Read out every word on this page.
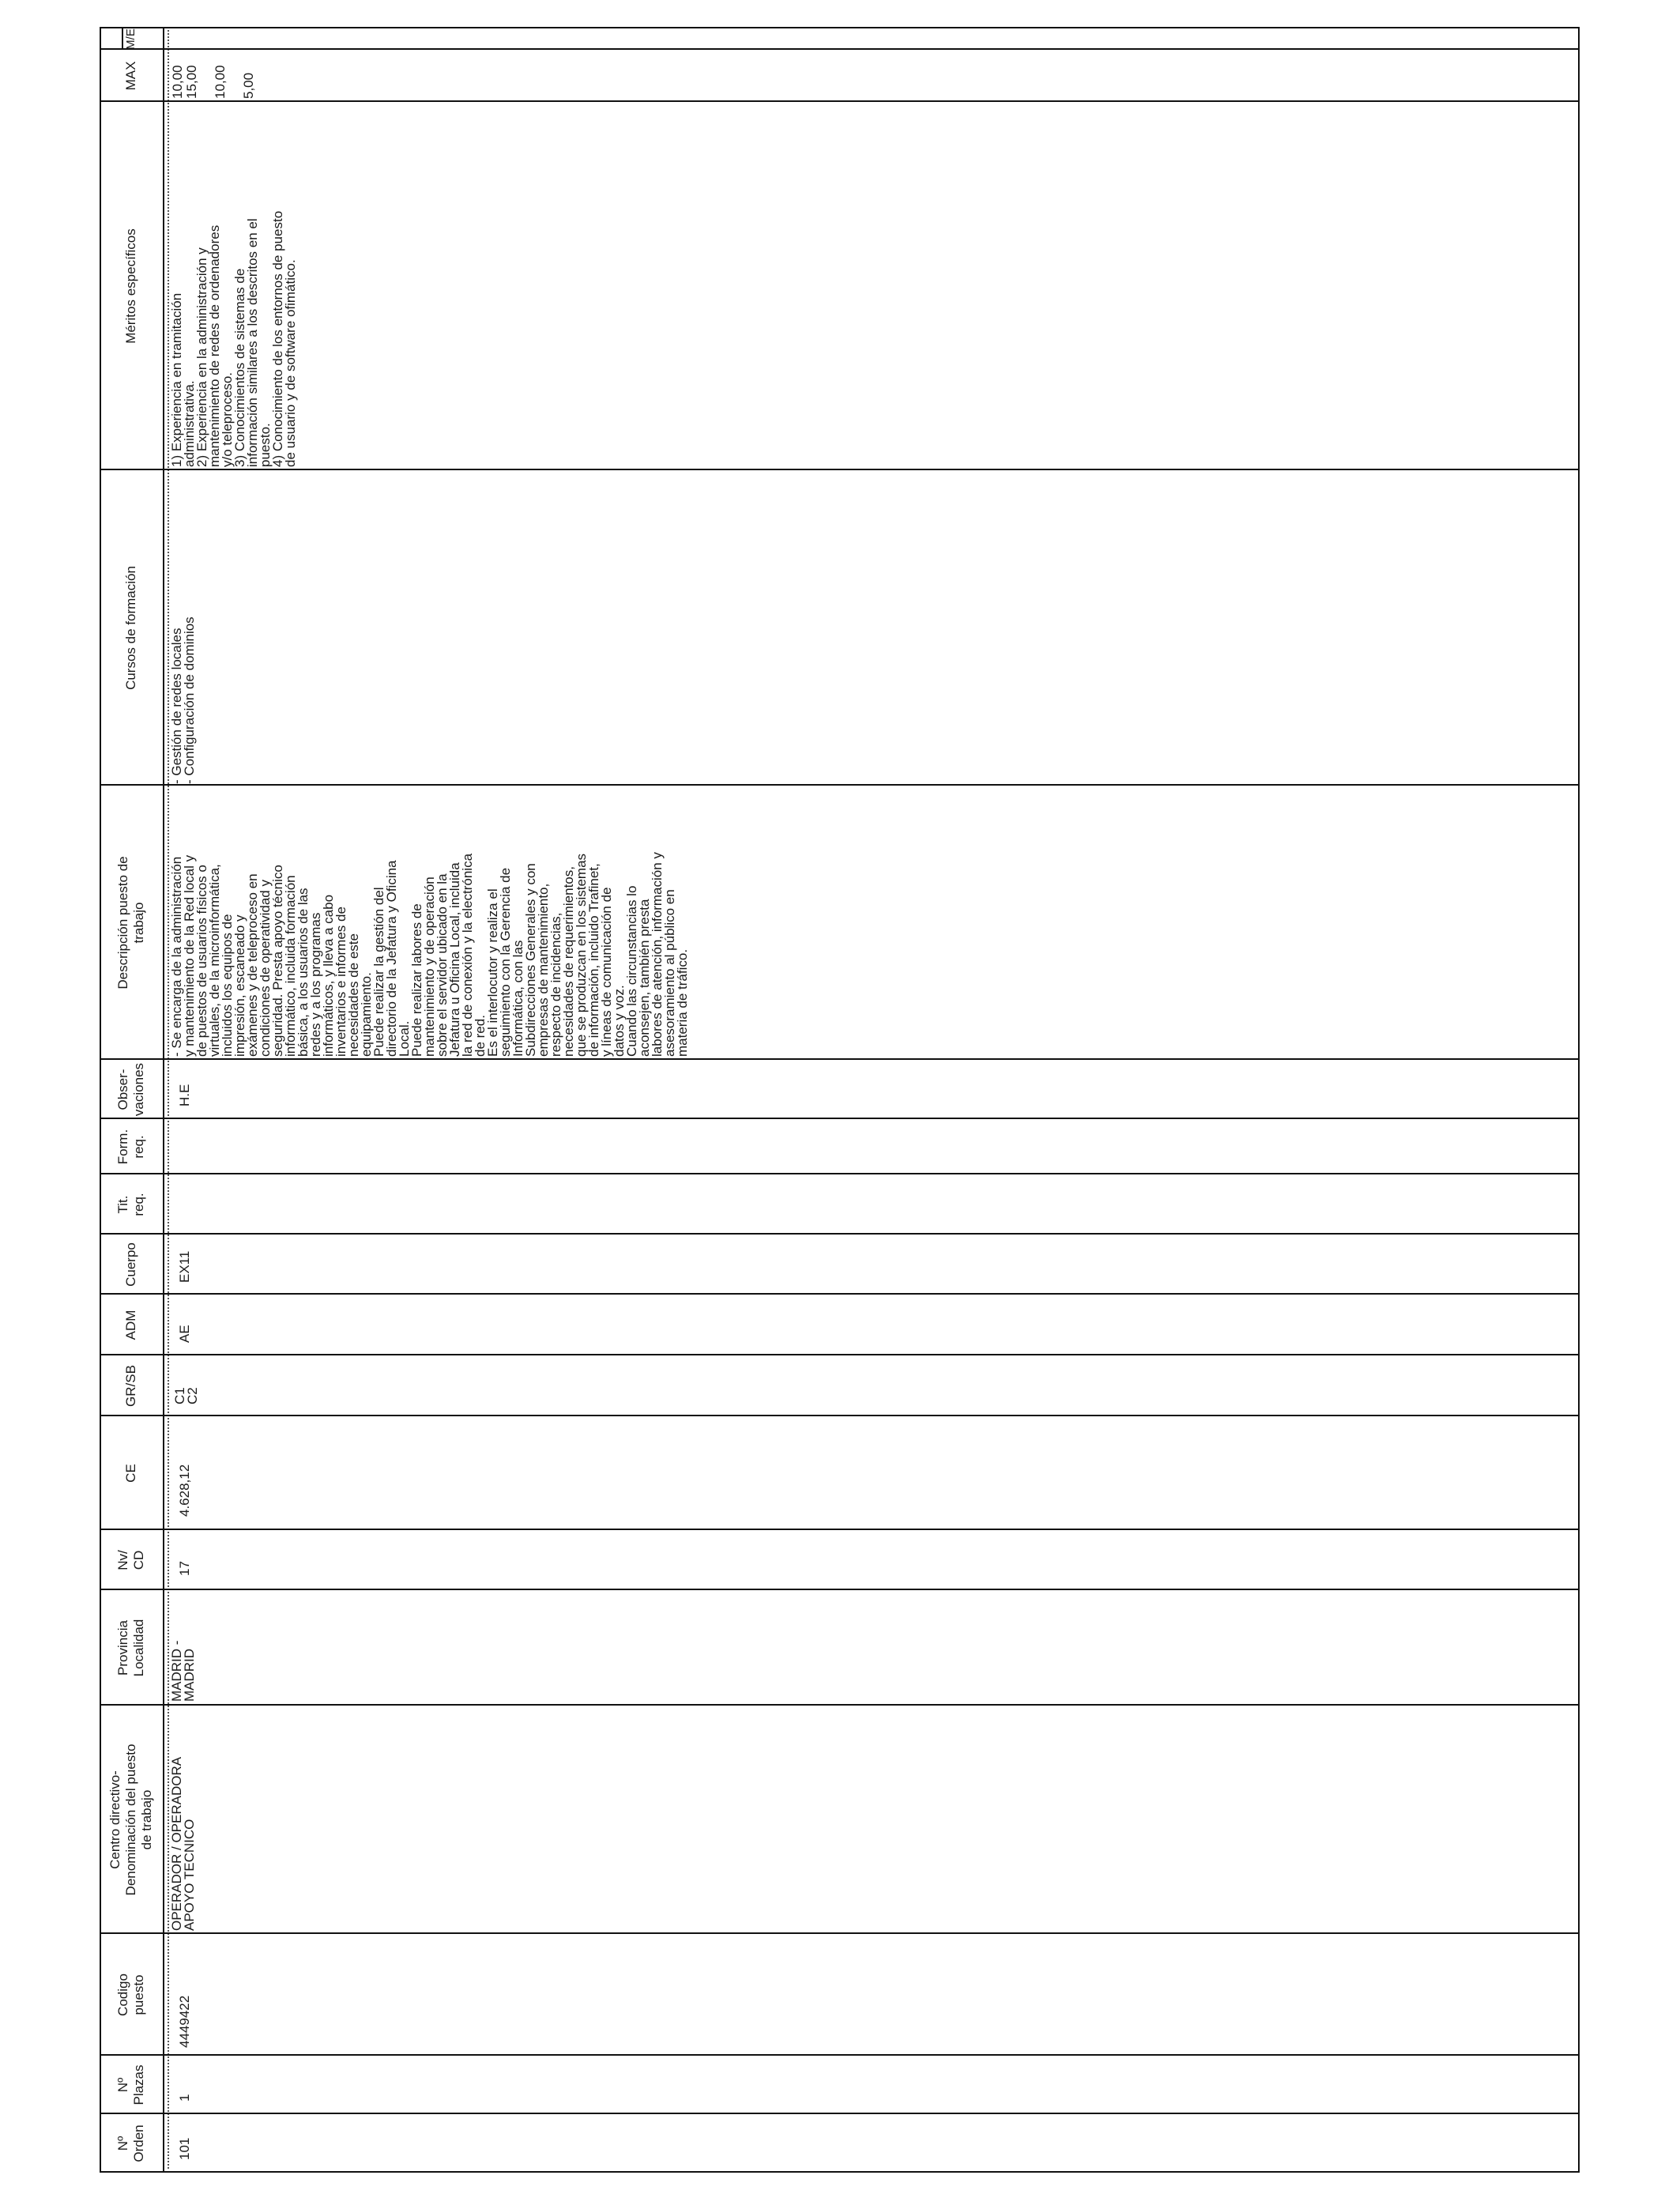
Nº
Orden
Nº
Plazas
Codigo
puesto
Centro directivo-
Denominación del puesto
de trabajo
Provincia
Localidad
Nv/
CD
CE
GR/SB
ADM
Cuerpo
Tit.
req.
Form.
req.
Obser-
vaciones
Descripción puesto de
trabajo
Cursos de formación
Méritos específicos
MAX
M/E
101
1
4449422
OPERADOR / OPERADORA
APOYO TECNICO
MADRID -
MADRID
17
4.628,12
C1
C2
AE
EX11
H.E
- Se encarga de la administración
y mantenimiento de la Red local y
de puestos de usuarios físicos o
virtuales, de la microinformática,
incluidos los equipos de
impresión, escaneado y
exámenes y de teleproceso en
condiciones de operatividad y
seguridad. Presta apoyo técnico
informático, incluida formación
básica, a los usuarios de las
redes y a los programas
informáticos, y lleva a cabo
inventarios e informes de
necesidades de este
equipamiento.
Puede realizar la gestión del
directorio de la Jefatura y Oficina
Local.
Puede realizar labores de
mantenimiento y de operación
sobre el servidor ubicado en la
Jefatura u Oficina Local, incluida
la red de conexión y la electrónica
de red.
Es el interlocutor y realiza el
seguimiento con la Gerencia de
Informática, con las
Subdirecciones Generales y con
empresas de mantenimiento,
respecto de incidencias,
necesidades de requerimientos,
que se produzcan en los sistemas
de información, incluido Trafinet,
y líneas de comunicación de
datos y voz.
Cuando las circunstancias lo
aconsejen, también presta
labores de atención, información y
asesoramiento al público en
materia de tráfico.
- Gestión de redes locales
- Configuración de dominios
1) Experiencia en tramitación
administrativa.
2) Experiencia en la administración y
mantenimiento de redes de ordenadores
y/o teleproceso.
3) Conocimientos de sistemas de
información similares a los descritos en el
puesto.
4) Conocimiento de los entornos de puesto
de usuario y de software ofimático.
10,00
15,00

10,00

5,00
